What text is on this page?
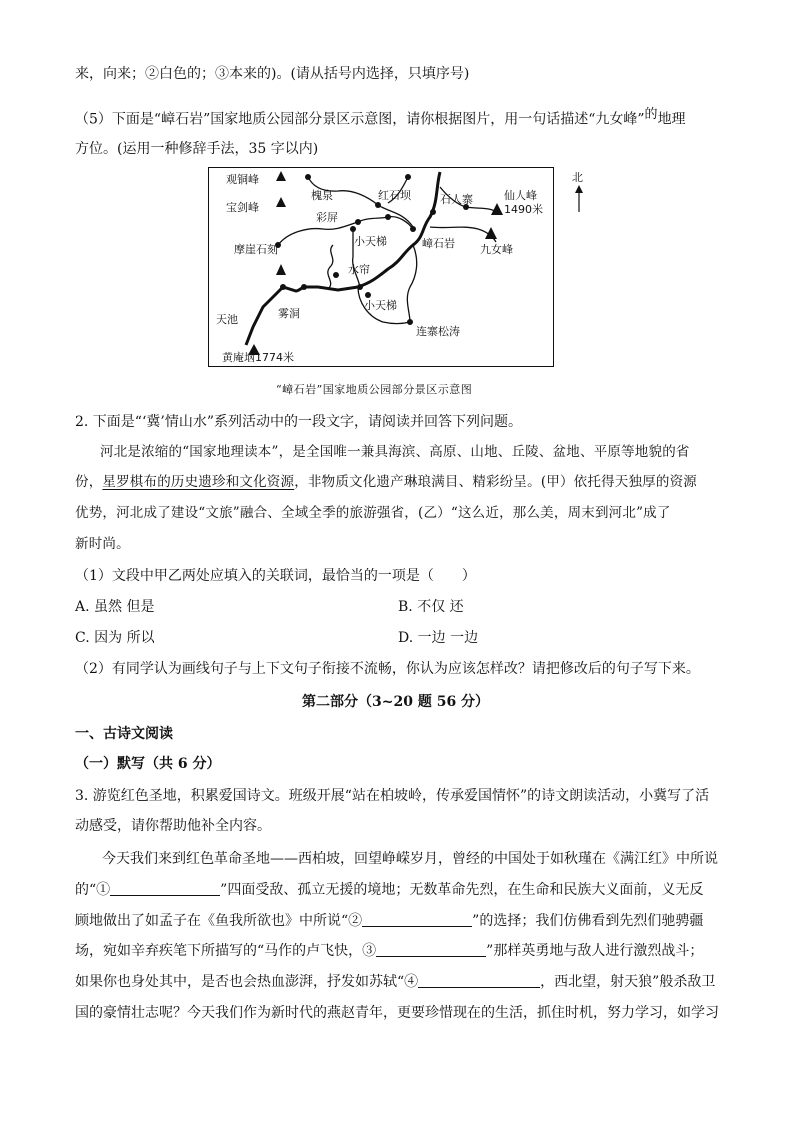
来，向来；②白色的；③本来的)。(请从括号内选择，只填序号)
（5）下面是“嶂石岩”国家地质公园部分景区示意图，请你根据图片，用一句话描述“九女峰”$^的$地理
方位。(运用一种修辞手法，35 字以内)
北
观铜峰
宝剑峰
槐泉	红石坝	石人寨	仙人峰
1490米
彩屏
摩崖石刻
小天梯	嶂石岩 九女峰
水帘
天池	雾洞
小天梯
连寨松涛
黄庵垴1774米
“嶂石岩”国家地质公园部分景区示意图
2. 下面是“‘冀’情山水”系列活动中的一段文字，请阅读并回答下列问题。
河北是浓缩的“国家地理读本”，是全国唯一兼具海滨、高原、山地、丘陵、盆地、平原等地貌的省
份，星罗棋布的历史遗珍和文化资源，非物质文化遗产琳琅满目、精彩纷呈。(甲）依托得天独厚的资源
优势，河北成了建设“文旅”融合、全域全季的旅游强省，(乙）“这么近，那么美，周末到河北”成了
新时尚。
（1）文段中甲乙两处应填入的关联词，最恰当的一项是（　　）
A. 虽然 但是	B. 不仅 还
C. 因为 所以	D. 一边 一边
（2）有同学认为画线句子与上下文句子衔接不流畅，你认为应该怎样改？请把修改后的句子写下来。
第二部分（3~20 题 56 分）
一、古诗文阅读
（一）默写（共 6 分）
3. 游览红色圣地，积累爱国诗文。班级开展“站在柏坡岭，传承爱国情怀”的诗文朗读活动，小冀写了活
动感受，请你帮助他补全内容。
今天我们来到红色革命圣地——西柏坡，回望峥嵘岁月，曾经的中国处于如秋瑾在《满江红》中所说
的“①	”四面受敌、孤立无援的境地；无数革命先烈，在生命和民族大义面前，义无反
顾地做出了如孟子在《鱼我所欲也》中所说“②	”的选择；我们仿佛看到先烈们驰骋疆
场，宛如辛弃疾笔下所描写的“马作的卢飞快，③	”那样英勇地与敌人进行激烈战斗；
如果你也身处其中，是否也会热血澎湃，抒发如苏轼“④	，西北望，射天狼”般杀敌卫
国的豪情壮志呢？今天我们作为新时代的燕赵青年，更要珍惜现在的生活，抓住时机，努力学习，如学习
